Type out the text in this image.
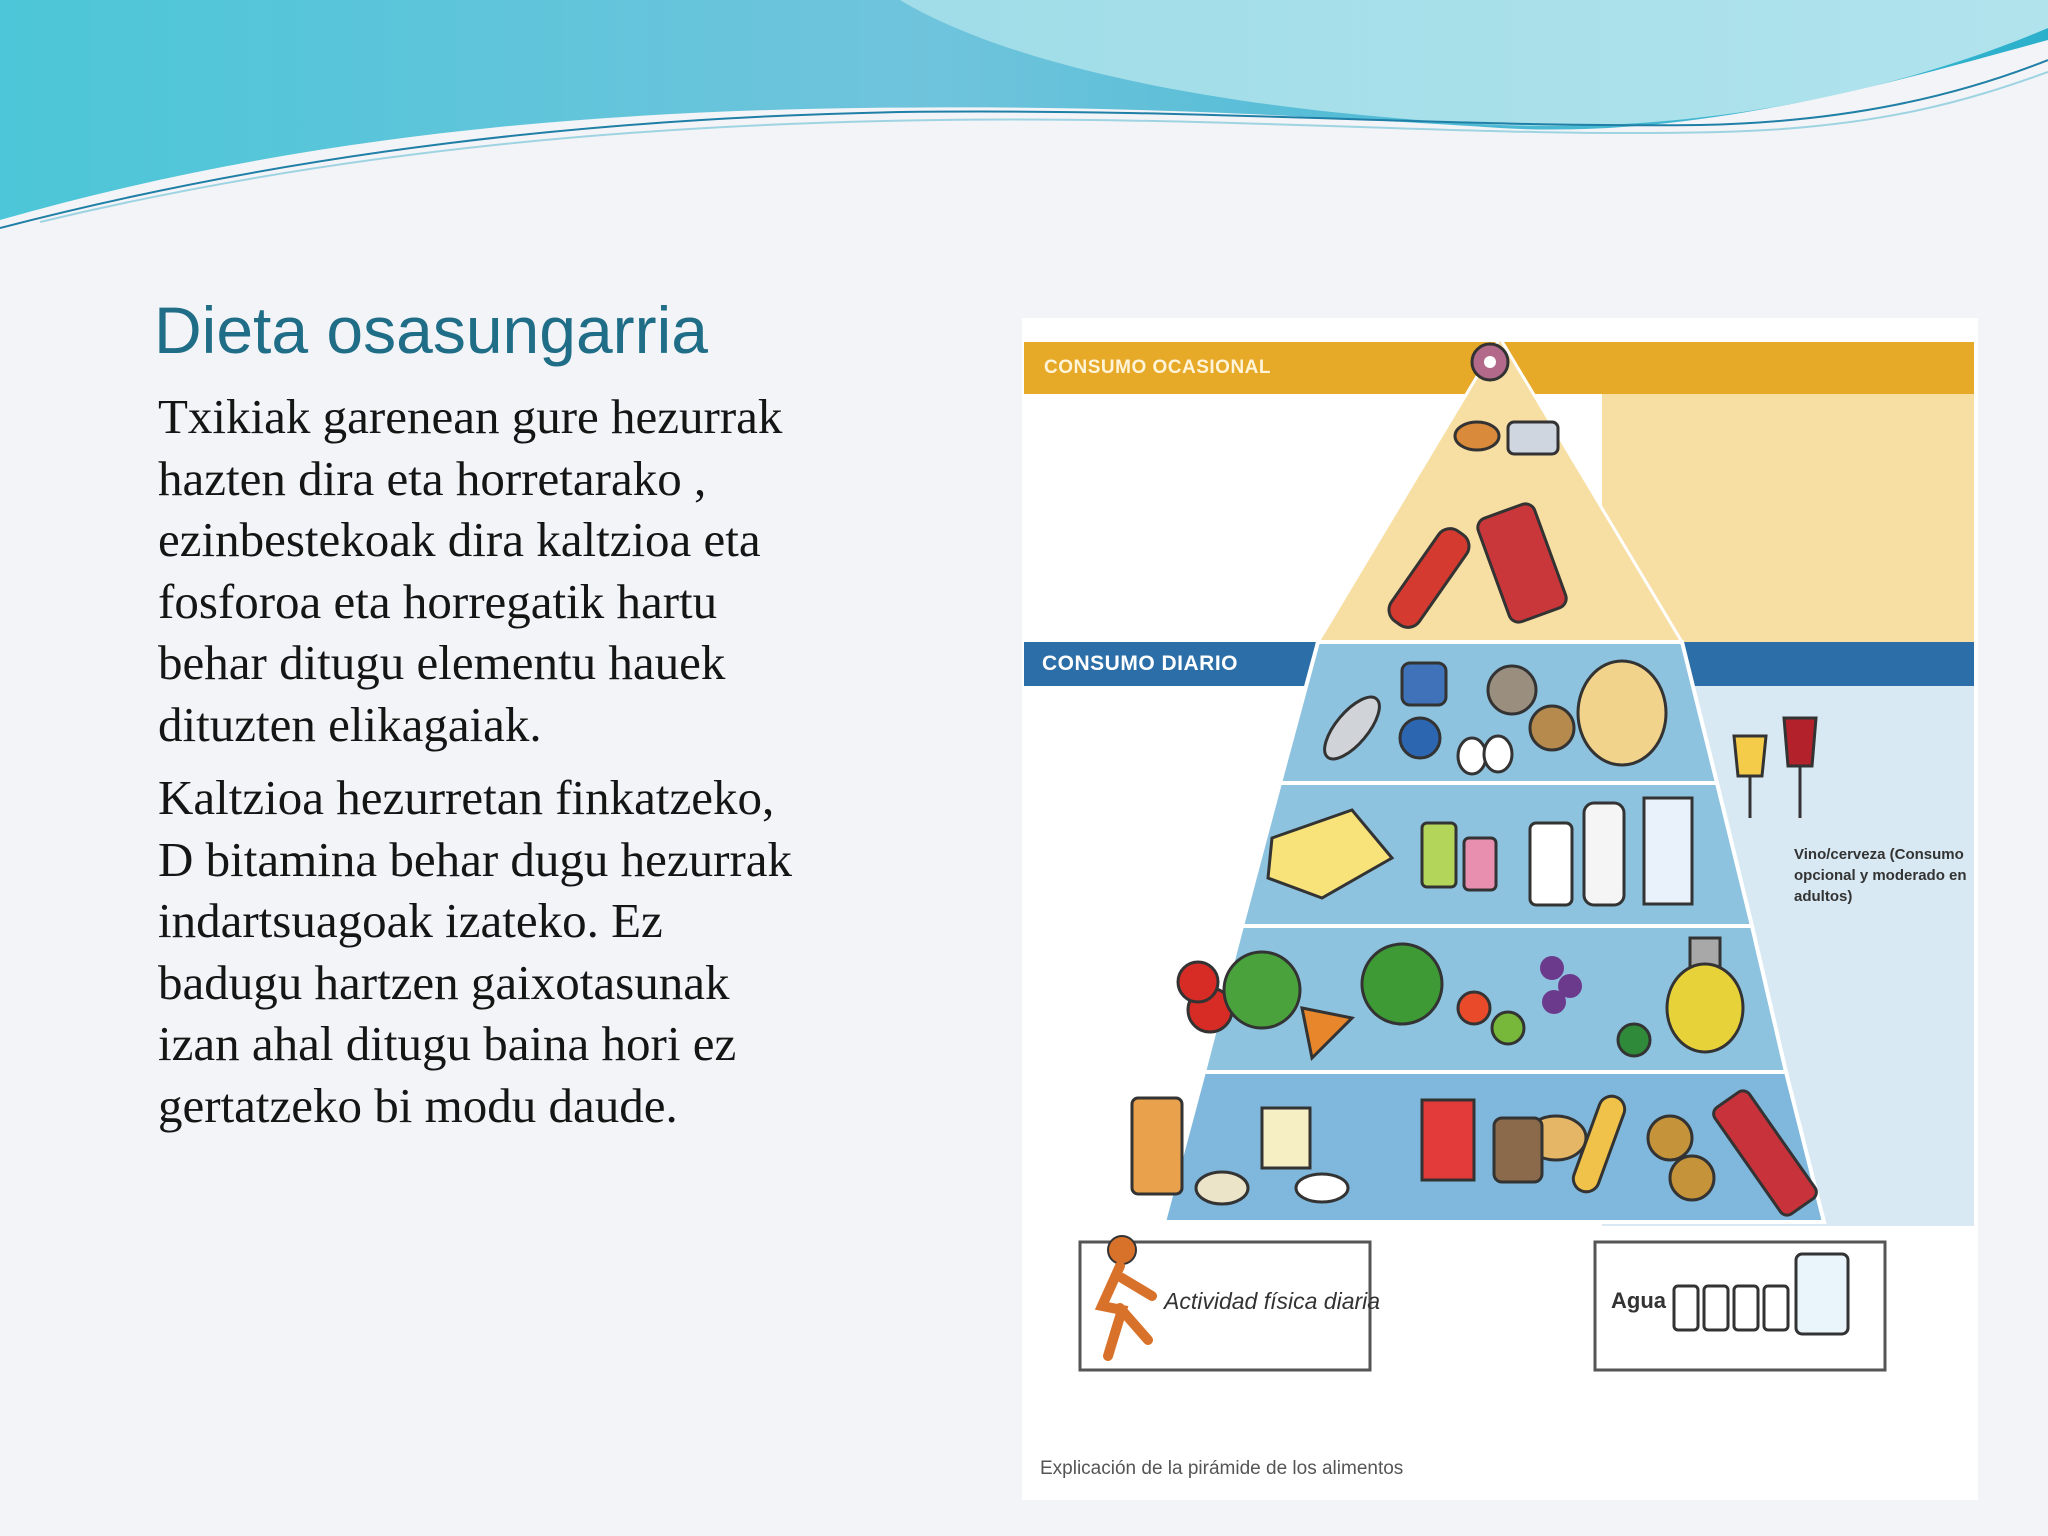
Dieta osasungarria

Txikiak garenean gure hezurrak hazten dira eta horretarako , ezinbestekoak dira kaltzioa eta fosforoa eta horregatik hartu behar ditugu elementu hauek dituzten elikagaiak.

Kaltzioa hezurretan finkatzeko, D bitamina behar dugu hezurrak indartsuagoak izateko. Ez badugu hartzen gaixotasunak izan ahal ditugu baina hori ez gertatzeko bi modu daude.

CONSUMO OCASIONAL
CONSUMO DIARIO
Vino/cerveza (Consumo opcional y moderado en adultos)
Actividad física diaria	Agua
Explicación de la pirámide de los alimentos
